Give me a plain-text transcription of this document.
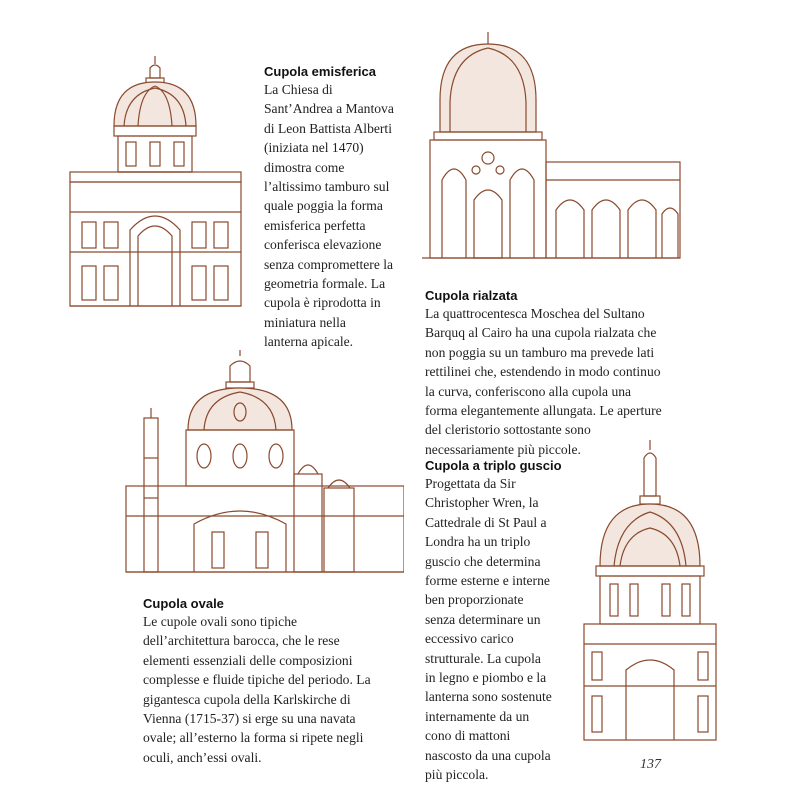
Cupola emisferica
La Chiesa di
Sant’Andrea a Mantova
di Leon Battista Alberti
(iniziata nel 1470)
dimostra come
l’altissimo tamburo sul
quale poggia la forma
emisferica perfetta
conferisca elevazione
senza compromettere la
geometria formale. La
cupola è riprodotta in
miniatura nella
lanterna apicale.
Cupola rialzata
La quattrocentesca Moschea del Sultano
Barquq al Cairo ha una cupola rialzata che
non poggia su un tamburo ma prevede lati
rettilinei che, estendendo in modo continuo
la curva, conferiscono alla cupola una
forma elegantemente allungata. Le aperture
del cleristorio sottostante sono
necessariamente più piccole.
Cupola a triplo guscio
Progettata da Sir
Christopher Wren, la
Cattedrale di St Paul a
Londra ha un triplo
guscio che determina
forme esterne e interne
ben proporzionate
senza determinare un
eccessivo carico
strutturale. La cupola
in legno e piombo e la
lanterna sono sostenute
internamente da un
cono di mattoni
nascosto da una cupola
più piccola.
Cupola ovale
Le cupole ovali sono tipiche
dell’architettura barocca, che le rese
elementi essenziali delle composizioni
complesse e fluide tipiche del periodo. La
gigantesca cupola della Karlskirche di
Vienna (1715-37) si erge su una navata
ovale; all’esterno la forma si ripete negli
oculi, anch’essi ovali.	137
